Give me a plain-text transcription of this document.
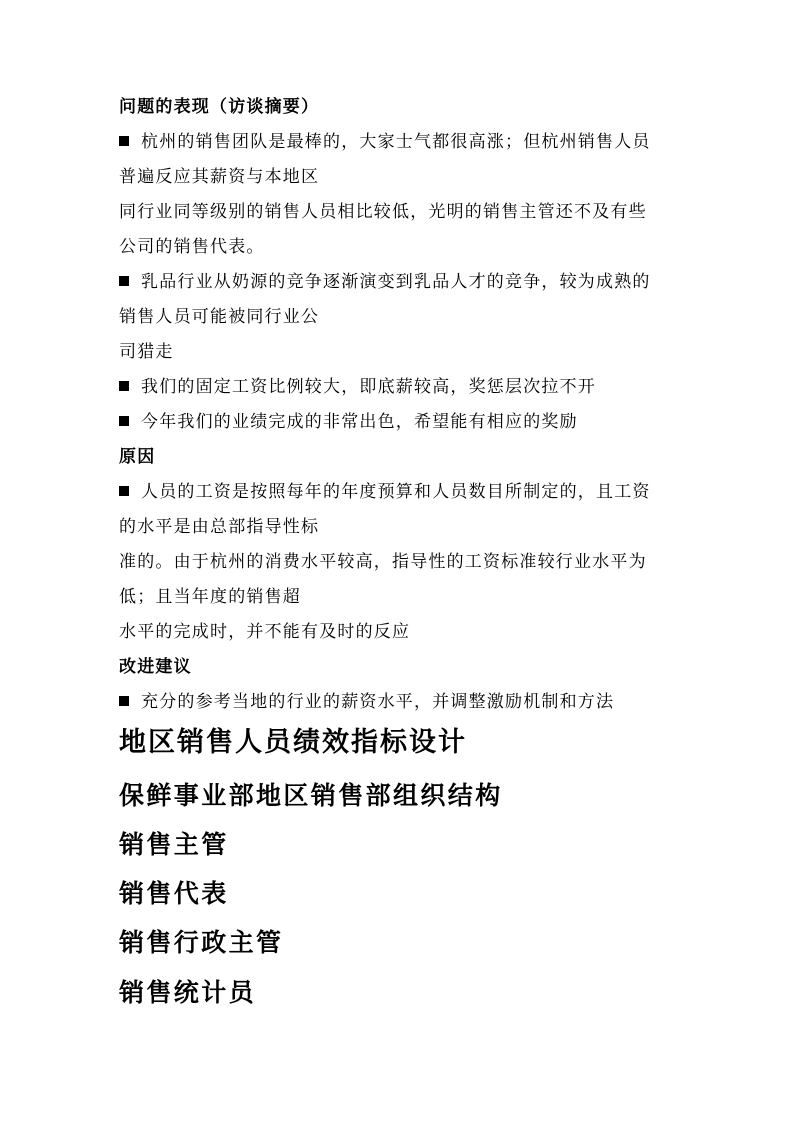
问题的表现（访谈摘要）
杭州的销售团队是最棒的，大家士气都很高涨；但杭州销售人员
普遍反应其薪资与本地区
同行业同等级别的销售人员相比较低，光明的销售主管还不及有些
公司的销售代表。
乳品行业从奶源的竞争逐渐演变到乳品人才的竞争，较为成熟的
销售人员可能被同行业公
司猎走
我们的固定工资比例较大，即底薪较高，奖惩层次拉不开
今年我们的业绩完成的非常出色，希望能有相应的奖励
原因
人员的工资是按照每年的年度预算和人员数目所制定的，且工资
的水平是由总部指导性标
准的。由于杭州的消费水平较高，指导性的工资标准较行业水平为
低；且当年度的销售超
水平的完成时，并不能有及时的反应
改进建议
充分的参考当地的行业的薪资水平，并调整激励机制和方法
地区销售人员绩效指标设计
保鲜事业部地区销售部组织结构
销售主管
销售代表
销售行政主管
销售统计员
